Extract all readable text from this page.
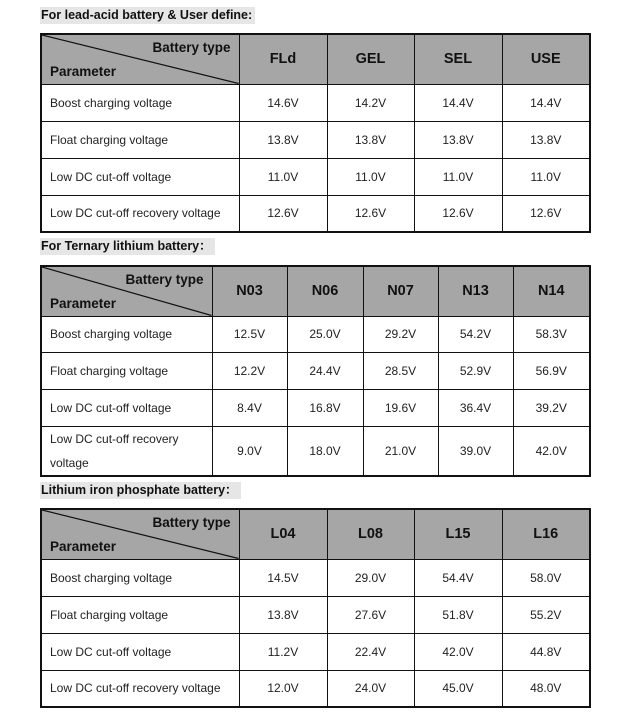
For lead-acid battery & User define:
Battery type
Parameter	FLd	GEL	SEL	USE
Boost charging voltage	14.6V	14.2V	14.4V	14.4V
Float charging voltage	13.8V	13.8V	13.8V	13.8V
Low DC cut-off voltage	11.0V	11.0V	11.0V	11.0V
Low DC cut-off recovery voltage	12.6V	12.6V	12.6V	12.6V
For Ternary lithium battery：
Battery type
Parameter	N03	N06	N07	N13	N14
Boost charging voltage	12.5V	25.0V	29.2V	54.2V	58.3V
Float charging voltage	12.2V	24.4V	28.5V	52.9V	56.9V
Low DC cut-off voltage	8.4V	16.8V	19.6V	36.4V	39.2V
Low DC cut-off recovery voltage	9.0V	18.0V	21.0V	39.0V	42.0V
Lithium iron phosphate battery：
Battery type
Parameter	L04	L08	L15	L16
Boost charging voltage	14.5V	29.0V	54.4V	58.0V
Float charging voltage	13.8V	27.6V	51.8V	55.2V
Low DC cut-off voltage	11.2V	22.4V	42.0V	44.8V
Low DC cut-off recovery voltage	12.0V	24.0V	45.0V	48.0V
